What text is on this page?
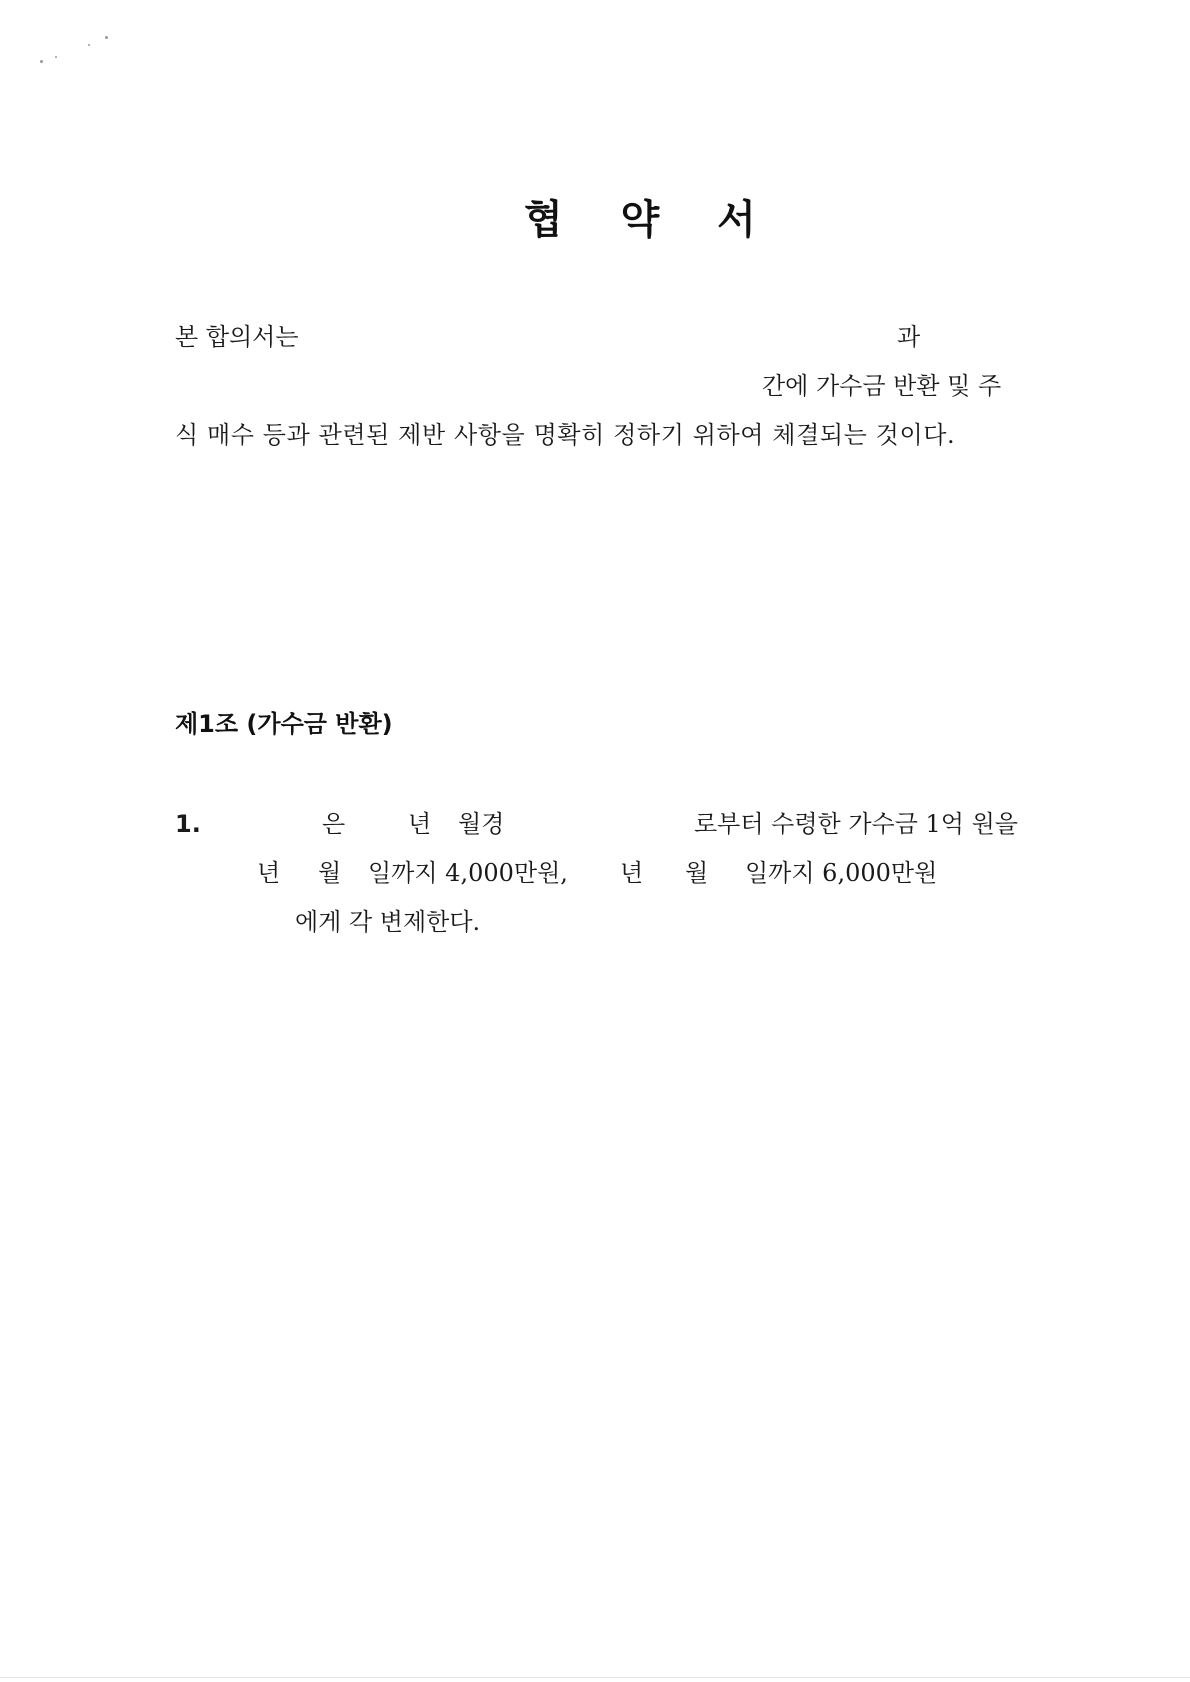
협 약 서
본 합의서는	과
간에 가수금 반환 및 주
식 매수 등과 관련된 제반 사항을 명확히 정하기 위하여 체결되는 것이다.
제1조 (가수금 반환)
1.	은	년 월경	로부터 수령한 가수금 1억 원을
년 월 일까지 4,000만원, 년 월 일까지 6,000만원
에게 각 변제한다.
